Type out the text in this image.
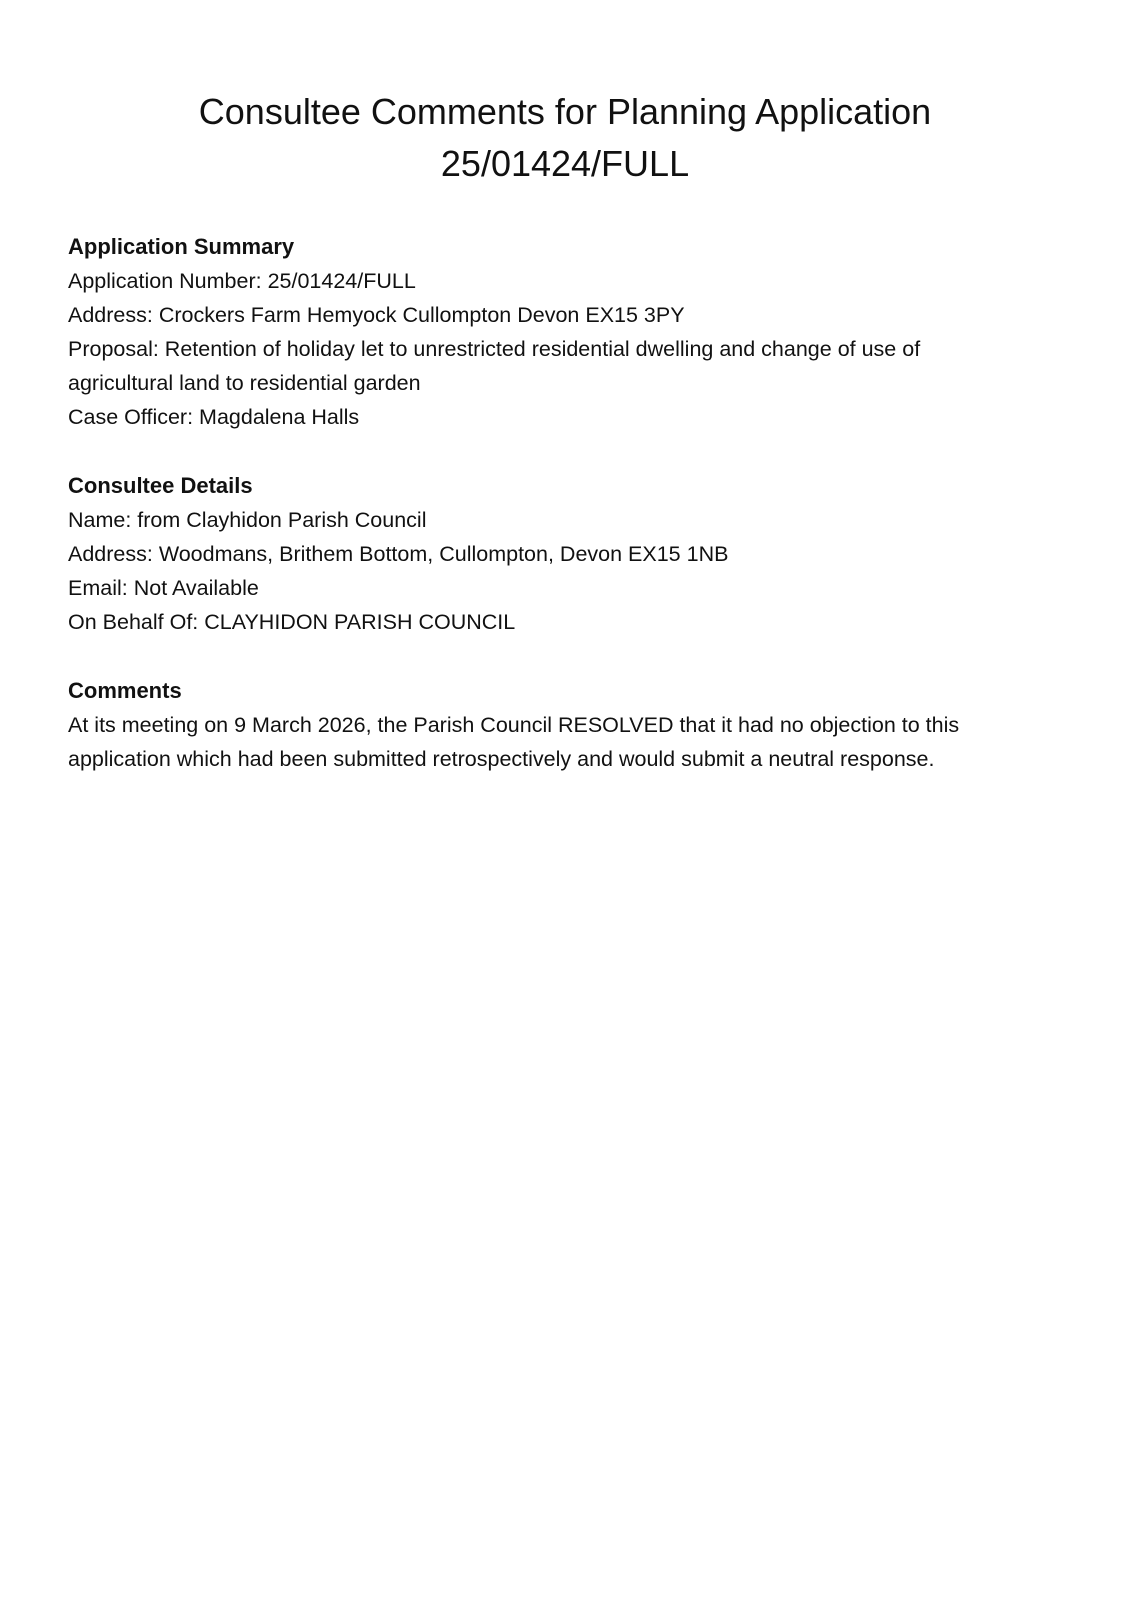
Consultee Comments for Planning Application
25/01424/FULL

Application Summary

Application Number: 25/01424/FULL

Address: Crockers Farm Hemyock Cullompton Devon EX15 3PY

Proposal: Retention of holiday let to unrestricted residential dwelling and change of use of agricultural land to residential garden

Case Officer: Magdalena Halls

Consultee Details

Name: from Clayhidon Parish Council

Address: Woodmans, Brithem Bottom, Cullompton, Devon EX15 1NB

Email: Not Available

On Behalf Of: CLAYHIDON PARISH COUNCIL

Comments

At its meeting on 9 March 2026, the Parish Council RESOLVED that it had no objection to this application which had been submitted retrospectively and would submit a neutral response.
